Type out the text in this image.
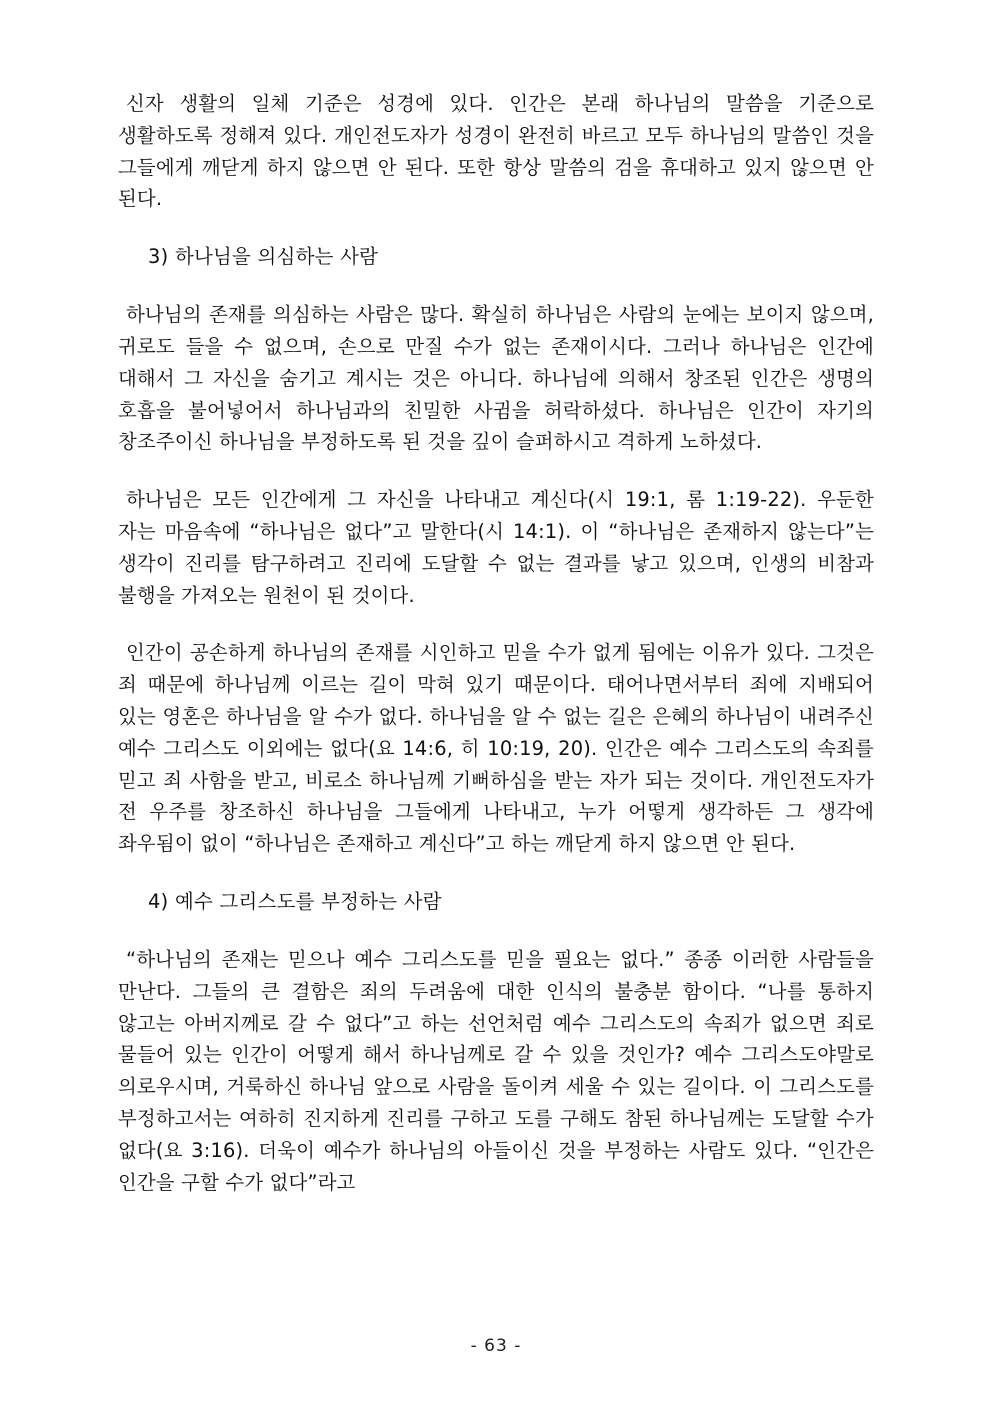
신자 생활의 일체 기준은 성경에 있다. 인간은 본래 하나님의 말씀을 기준으로 생활하도록 정해져 있다. 개인전도자가 성경이 완전히 바르고 모두 하나님의 말씀인 것을 그들에게 깨닫게 하지 않으면 안 된다. 또한 항상 말씀의 검을 휴대하고 있지 않으면 안 된다.

3) 하나님을 의심하는 사람

하나님의 존재를 의심하는 사람은 많다. 확실히 하나님은 사람의 눈에는 보이지 않으며, 귀로도 들을 수 없으며, 손으로 만질 수가 없는 존재이시다. 그러나 하나님은 인간에 대해서 그 자신을 숨기고 계시는 것은 아니다. 하나님에 의해서 창조된 인간은 생명의 호흡을 불어넣어서 하나님과의 친밀한 사귐을 허락하셨다. 하나님은 인간이 자기의 창조주이신 하나님을 부정하도록 된 것을 깊이 슬퍼하시고 격하게 노하셨다.

하나님은 모든 인간에게 그 자신을 나타내고 계신다(시 19:1, 롬 1:19-22). 우둔한 자는 마음속에 “하나님은 없다”고 말한다(시 14:1). 이 “하나님은 존재하지 않는다”는 생각이 진리를 탐구하려고 진리에 도달할 수 없는 결과를 낳고 있으며, 인생의 비참과 불행을 가져오는 원천이 된 것이다.

인간이 공손하게 하나님의 존재를 시인하고 믿을 수가 없게 됨에는 이유가 있다. 그것은 죄 때문에 하나님께 이르는 길이 막혀 있기 때문이다. 태어나면서부터 죄에 지배되어 있는 영혼은 하나님을 알 수가 없다. 하나님을 알 수 없는 길은 은혜의 하나님이 내려주신 예수 그리스도 이외에는 없다(요 14:6, 히 10:19, 20). 인간은 예수 그리스도의 속죄를 믿고 죄 사함을 받고, 비로소 하나님께 기뻐하심을 받는 자가 되는 것이다. 개인전도자가 전 우주를 창조하신 하나님을 그들에게 나타내고, 누가 어떻게 생각하든 그 생각에 좌우됨이 없이 “하나님은 존재하고 계신다”고 하는 깨닫게 하지 않으면 안 된다.

4) 예수 그리스도를 부정하는 사람

“하나님의 존재는 믿으나 예수 그리스도를 믿을 필요는 없다.” 종종 이러한 사람들을 만난다. 그들의 큰 결함은 죄의 두려움에 대한 인식의 불충분 함이다. “나를 통하지 않고는 아버지께로 갈 수 없다”고 하는 선언처럼 예수 그리스도의 속죄가 없으면 죄로 물들어 있는 인간이 어떻게 해서 하나님께로 갈 수 있을 것인가? 예수 그리스도야말로 의로우시며, 거룩하신 하나님 앞으로 사람을 돌이켜 세울 수 있는 길이다. 이 그리스도를 부정하고서는 여하히 진지하게 진리를 구하고 도를 구해도 참된 하나님께는 도달할 수가 없다(요 3:16). 더욱이 예수가 하나님의 아들이신 것을 부정하는 사람도 있다. “인간은 인간을 구할 수가 없다”라고

- 63 -
